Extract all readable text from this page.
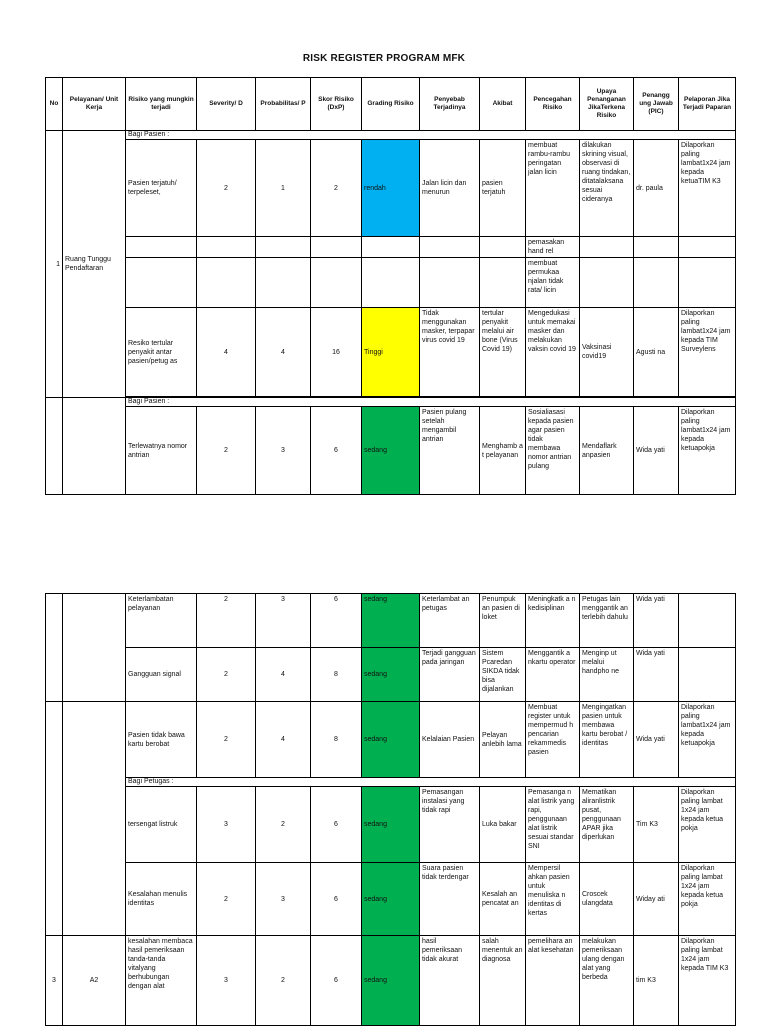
RISK REGISTER PROGRAM MFK
No	Pelayanan/ Unit Kerja	Risiko yang mungkin terjadi	Severity/ D	Probabilitas/ P	Skor Risiko (DxP)	Grading Risiko	Penyebab Terjadinya	Akibat	Pencegahan Risiko	Upaya Penanganan JikaTerkena Risiko	Penangg ung Jawab (PIC)	Pelaporan Jika Terjadi Paparan
1	Ruang Tunggu Pendaftaran	Bagi Pasien :										
		Pasien terjatuh/ terpeleset,	2	1	2	rendah	Jalan licin dan menurun	pasien terjatuh	membuat rambu-rambu peringatan jalan licin	dilakukan skrining visual, observasi di ruang tindakan, ditatalaksana sesuai cideranya	dr. paula	Dilaporkan paling lambat1x24 jam kepada ketuaTIM K3
									pemasakan hand rel			
									membuat permukaa njalan tidak rata/ licin			
		Resiko tertular penyakit antar pasien/petug as	4	4	16	Tinggi	Tidak menggunakan masker, terpapar virus covid 19	tertular penyakit melalui air bone (Virus Covid 19)	Mengedukasi untuk memakai masker dan melakukan vaksin covid 19	Vaksinasi covid19	Agusti na	Dilaporkan paling lambat1x24 jam kepada TIM Surveylens

		Bagi Pasien :										
		Terlewatnya nomor antrian	2	3	6	sedang	Pasien pulang setelah mengambil antrian	Menghamb a t pelayanan	Sosialiasasi kepada pasien agar pasien tidak membawa nomor antrian pulang	Mendaflark anpasien	Wida yati	Dilaporkan paling lambat1x24 jam kepada ketuapokja
		Keterlambatan pelayanan	2	3	6	sedang	Keterlambat an petugas	Penumpuk an pasien di loket	Meningkatk a n kedisiplinan	Petugas lain menggantik an terlebih dahulu	Wida yati	
		Gangguan signal	2	4	8	sedang	Terjadi gangguan pada jaringan	Sistem Pcaredan SIKDA tidak bisa dijalankan	Menggantik a nkartu operator	Menginp ut melalui handpho ne	Wida yati	
		Pasien tidak bawa kartu berobat	2	4	8	sedang	Kelalaian Pasien	Pelayan anlebih lama	Membuat register untuk mempermud h pencarian rekammedis pasien	Mengingatkan pasien untuk membawa kartu berobat / identitas	Wida yati	Dilaporkan paling lambat1x24 jam kepada ketuapokja
		Bagi Petugas :										
		tersengat listruk	3	2	6	sedang	Pemasangan instalasi yang tidak rapi	Luka bakar	Pemasanga n alat listrik yang rapi, penggunaan alat listrik sesuai standar SNI	Mematikan aliranlistrik pusat, penggunaan APAR jika diperlukan	Tim K3	Dilaporkan paling lambat 1x24 jam kepada ketua pokja
		Kesalahan menulis identitas	2	3	6	sedang	Suara pasien tidak terdengar	Kesalah an pencatat an	Mempersil ahkan pasien untuk menuliska n identitas di kertas	Croscek ulangdata	Widay ati	Dilaporkan paling lambat 1x24 jam kepada ketua pokja
3	A2	kesalahan membaca hasil pemeriksaan tanda-tanda vitalyang berhubungan dengan alat	3	2	6	sedang	hasil pemeriksaan tidak akurat	salah menentuk an diagnosa	pemelihara an alat kesehatan	melakukan pemeriksaan ulang dengan alat yang berbeda	tim K3	Dilaporkan paling lambat 1x24 jam kepada TIM K3
